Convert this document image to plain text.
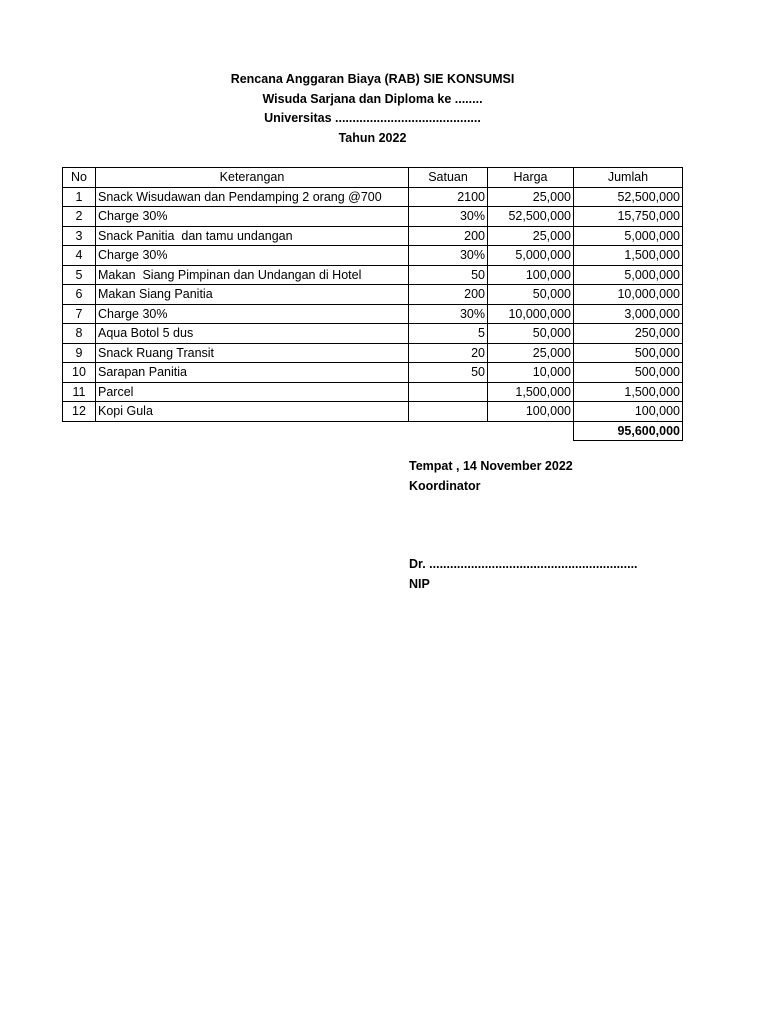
Rencana Anggaran Biaya (RAB) SIE KONSUMSI
Wisuda Sarjana dan Diploma ke ........
Universitas ..........................................
Tahun 2022
No	Keterangan	Satuan	Harga	Jumlah
1	Snack Wisudawan dan Pendamping 2 orang @700	2100	25,000	52,500,000
2	Charge 30%	30%	52,500,000	15,750,000
3	Snack Panitia  dan tamu undangan	200	25,000	5,000,000
4	Charge 30%	30%	5,000,000	1,500,000
5	Makan  Siang Pimpinan dan Undangan di Hotel	50	100,000	5,000,000
6	Makan Siang Panitia	200	50,000	10,000,000
7	Charge 30%	30%	10,000,000	3,000,000
8	Aqua Botol 5 dus	5	50,000	250,000
9	Snack Ruang Transit	20	25,000	500,000
10	Sarapan Panitia	50	10,000	500,000
11	Parcel		1,500,000	1,500,000
12	Kopi Gula		100,000	100,000
				95,600,000
Tempat , 14 November 2022
Koordinator
Dr. ............................................................
NIP
